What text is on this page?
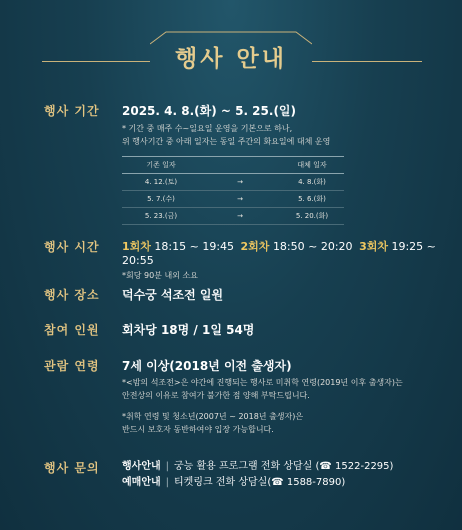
행사 안내
행사 기간	2025. 4. 8.(화) ~ 5. 25.(일)
* 기간 중 매주 수~일요일 운영을 기본으로 하나,
위 행사기간 중 아래 일자는 동일 주간의 화요일에 대체 운영
기존 일자		대체 일자
4. 12.(토)	→	4. 8.(화)
5. 7.(수)	→	5. 6.(화)
5. 23.(금)	→	5. 20.(화)
행사 시간	1회차 18:15 ~ 19:45 2회차 18:50 ~ 20:20 3회차 19:25 ~ 20:55
*회당 90분 내외 소요
행사 장소	덕수궁 석조전 일원
참여 인원	회차당 18명 / 1일 54명
관람 연령	7세 이상(2018년 이전 출생자)
*<밤의 석조전>은 야간에 진행되는 행사로 미취학 연령(2019년 이후 출생자)는
안전상의 이유로 참여가 불가한 점 양해 부탁드립니다.
*취학 연령 및 청소년(2007년 ~ 2018년 출생자)은
반드시 보호자 동반하여야 입장 가능합니다.
행사 문의	행사안내 | 궁능 활용 프로그램 전화 상담실 (☎ 1522-2295)
예매안내 | 티켓링크 전화 상담실(☎ 1588-7890)
